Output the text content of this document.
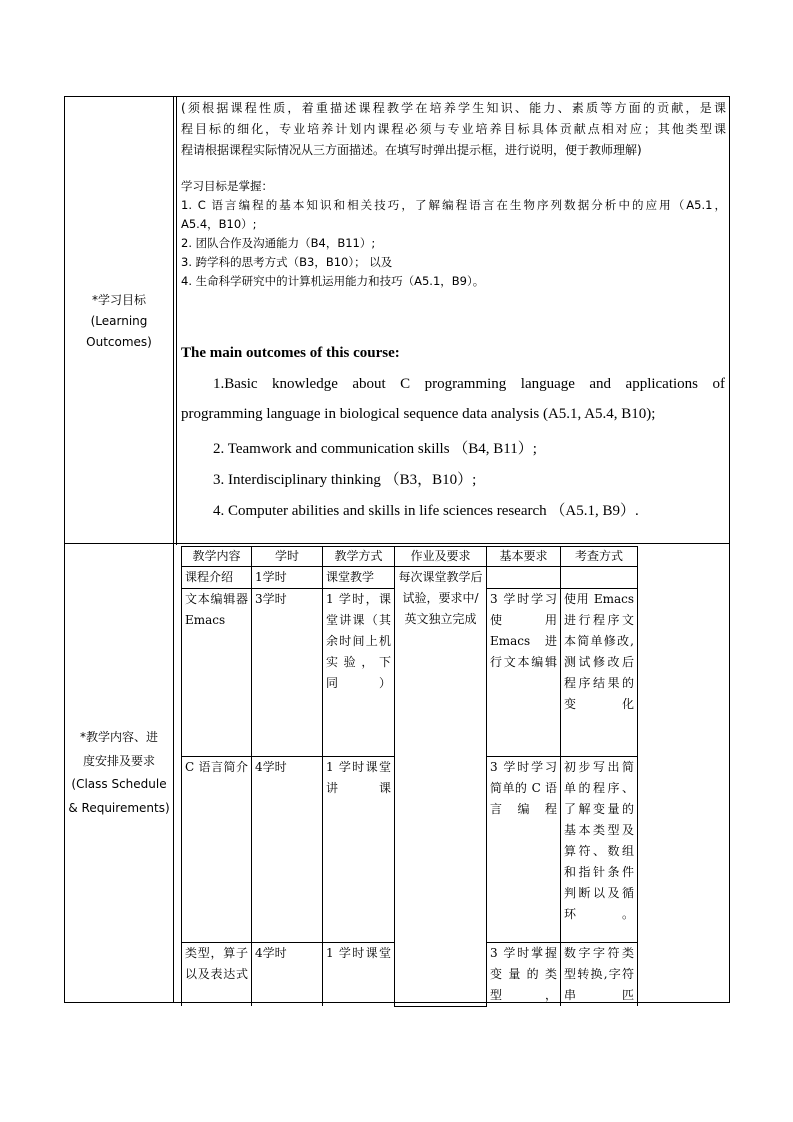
*学习目标
(Learning
Outcomes)

(须根据课程性质，着重描述课程教学在培养学生知识、能力、素质等方面的贡献，是课

程目标的细化，专业培养计划内课程必须与专业培养目标具体贡献点相对应；其他类型课

程请根据课程实际情况从三方面描述。在填写时弹出提示框，进行说明，便于教师理解)

学习目标是掌握：

1. C 语言编程的基本知识和相关技巧，了解编程语言在生物序列数据分析中的应用（A5.1，

A5.4，B10）;

2. 团队合作及沟通能力（B4，B11）;

3. 跨学科的思考方式（B3，B10）； 以及

4. 生命科学研究中的计算机运用能力和技巧（A5.1，B9）。

The main outcomes of this course:

1.Basic knowledge about C programming language and applications of

programming language in biological sequence data analysis (A5.1, A5.4, B10);

2. Teamwork and communication skills （B4, B11）;

3. Interdisciplinary thinking （B3，B10）;

4. Computer abilities and skills in life sciences research （A5.1, B9）.

*教学内容、进
度安排及要求
(Class Schedule
& Requirements)
教学内容	学时	教学方式	作业及要求	基本要求	考查方式
课程介绍	1学时	课堂教学	每次课堂教学后试验，要求中/英文独立完成		
文本编辑器Emacs	3学时	1 学时，课堂讲课（其余时间上机实验，下同）		3 学时学习使用 Emacs 进行文本编辑	使用 Emacs 进行程序文本简单修改,测试修改后程序结果的变化
C 语言简介	4学时	1 学时课堂讲课		3 学时学习简单的 C 语言编程	初步写出简单的程序、了解变量的基本类型及算符、数组和指针条件判断以及循环。
类型，算子以及表达式	4学时	1 学时课堂		3 学时掌握变量的类型，	数字字符类型转换,字符串匹
